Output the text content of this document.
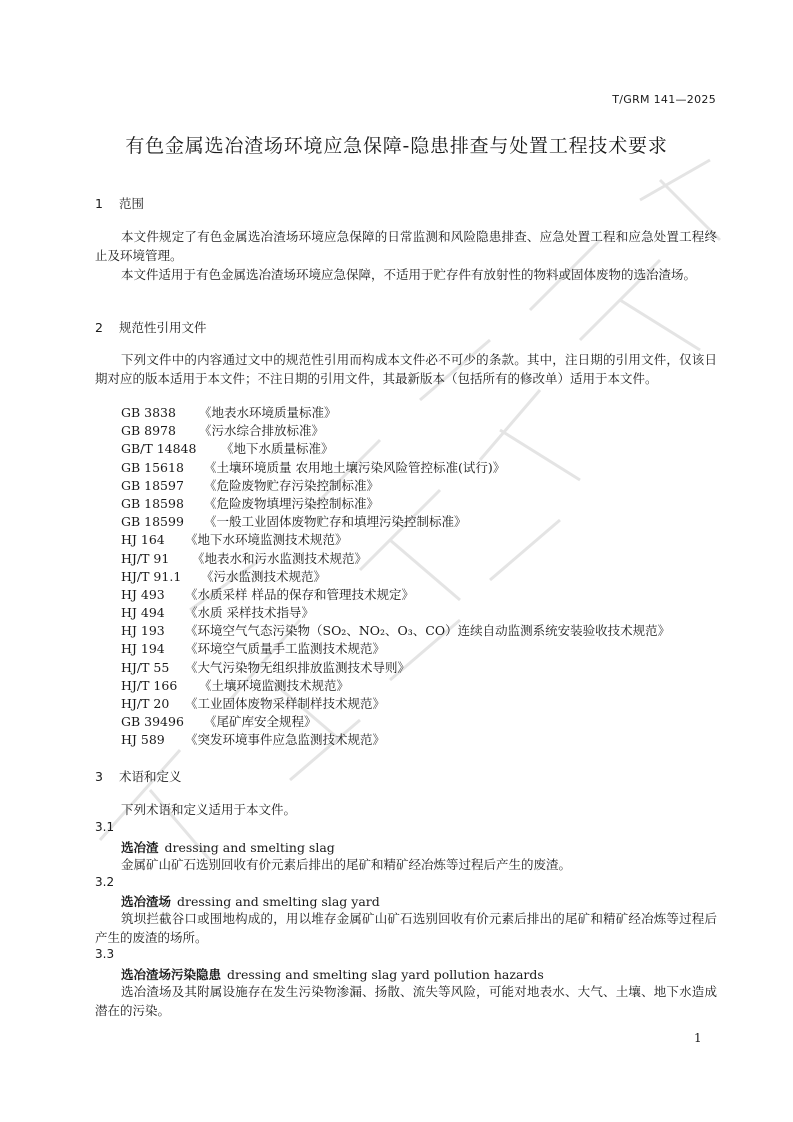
T/GRM 141—2025
有色金属选冶渣场环境应急保障-隐患排查与处置工程技术要求
1 范围

本文件规定了有色金属选冶渣场环境应急保障的日常监测和风险隐患排查、应急处置工程和应急处置工程终止及环境管理。

本文件适用于有色金属选冶渣场环境应急保障，不适用于贮存件有放射性的物料或固体废物的选冶渣场。

2 规范性引用文件

下列文件中的内容通过文中的规范性引用而构成本文件必不可少的条款。其中，注日期的引用文件，仅该日期对应的版本适用于本文件；不注日期的引用文件，其最新版本（包括所有的修改单）适用于本文件。

GB 3838 《地表水环境质量标准》
GB 8978 《污水综合排放标准》
GB/T 14848 《地下水质量标准》
GB 15618 《土壤环境质量 农用地土壤污染风险管控标准(试行)》
GB 18597 《危险废物贮存污染控制标准》
GB 18598 《危险废物填埋污染控制标准》
GB 18599 《一般工业固体废物贮存和填埋污染控制标准》
HJ 164 《地下水环境监测技术规范》
HJ/T 91 《地表水和污水监测技术规范》
HJ/T 91.1 《污水监测技术规范》
HJ 493 《水质采样 样品的保存和管理技术规定》
HJ 494 《水质 采样技术指导》
HJ 193 《环境空气气态污染物（SO₂、NO₂、O₃、CO）连续自动监测系统安装验收技术规范》
HJ 194 《环境空气质量手工监测技术规范》
HJ/T 55 《大气污染物无组织排放监测技术导则》
HJ/T 166 《土壤环境监测技术规范》
HJ/T 20 《工业固体废物采样制样技术规范》
GB 39496 《尾矿库安全规程》
HJ 589 《突发环境事件应急监测技术规范》
3 术语和定义

下列术语和定义适用于本文件。

3.1
选冶渣 dressing and smelting slag

金属矿山矿石选别回收有价元素后排出的尾矿和精矿经冶炼等过程后产生的废渣。

3.2
选冶渣场 dressing and smelting slag yard

筑坝拦截谷口或围地构成的，用以堆存金属矿山矿石选别回收有价元素后排出的尾矿和精矿经冶炼等过程后产生的废渣的场所。

3.3
选冶渣场污染隐患 dressing and smelting slag yard pollution hazards

选冶渣场及其附属设施存在发生污染物渗漏、扬散、流失等风险，可能对地表水、大气、土壤、地下水造成潜在的污染。

1
